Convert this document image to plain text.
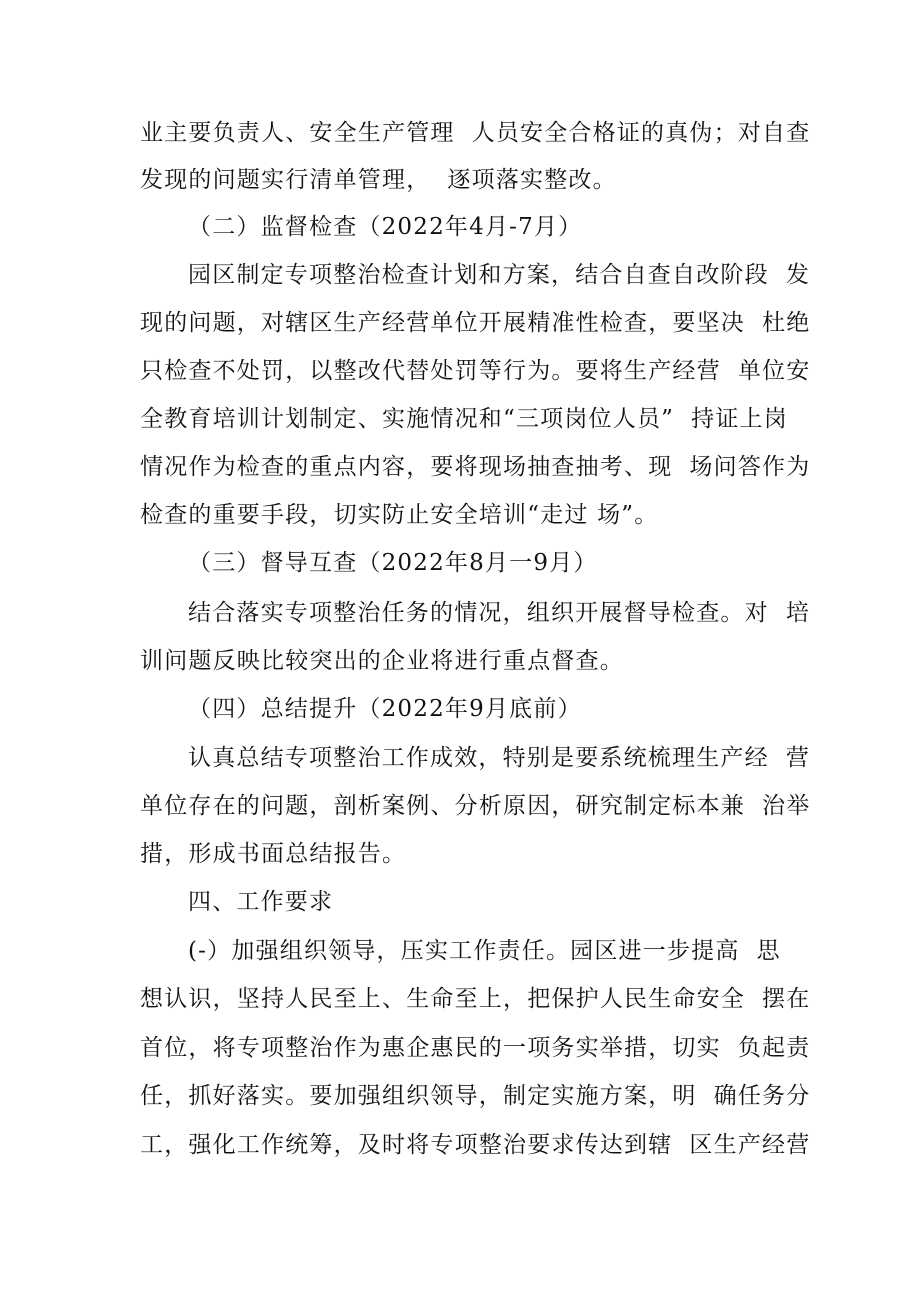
业主要负责人、安全生产管理  人员安全合格证的真伪；对自查
发现的问题实行清单管理，  逐项落实整改。
（二）监督检查（2022年4月-7月）
园区制定专项整治检查计划和方案，结合自查自改阶段  发
现的问题，对辖区生产经营单位开展精准性检查，要坚决  杜绝
只检查不处罚，以整改代替处罚等行为。要将生产经营  单位安
全教育培训计划制定、实施情况和“三项岗位人员”  持证上岗
情况作为检查的重点内容，要将现场抽查抽考、现  场问答作为
检查的重要手段，切实防止安全培训“走过 场”。
（三）督导互查（2022年8月一9月）
结合落实专项整治任务的情况，组织开展督导检查。对  培
训问题反映比较突出的企业将进行重点督查。
（四）总结提升（2022年9月底前）
认真总结专项整治工作成效，特别是要系统梳理生产经  营
单位存在的问题，剖析案例、分析原因，研究制定标本兼  治举
措，形成书面总结报告。
四、工作要求
(-）加强组织领导，压实工作责任。园区进一步提高  思
想认识，坚持人民至上、生命至上，把保护人民生命安全  摆在
首位，将专项整治作为惠企惠民的一项务实举措，切实  负起责
任，抓好落实。要加强组织领导，制定实施方案，明  确任务分
工，强化工作统筹，及时将专项整治要求传达到辖  区生产经营
